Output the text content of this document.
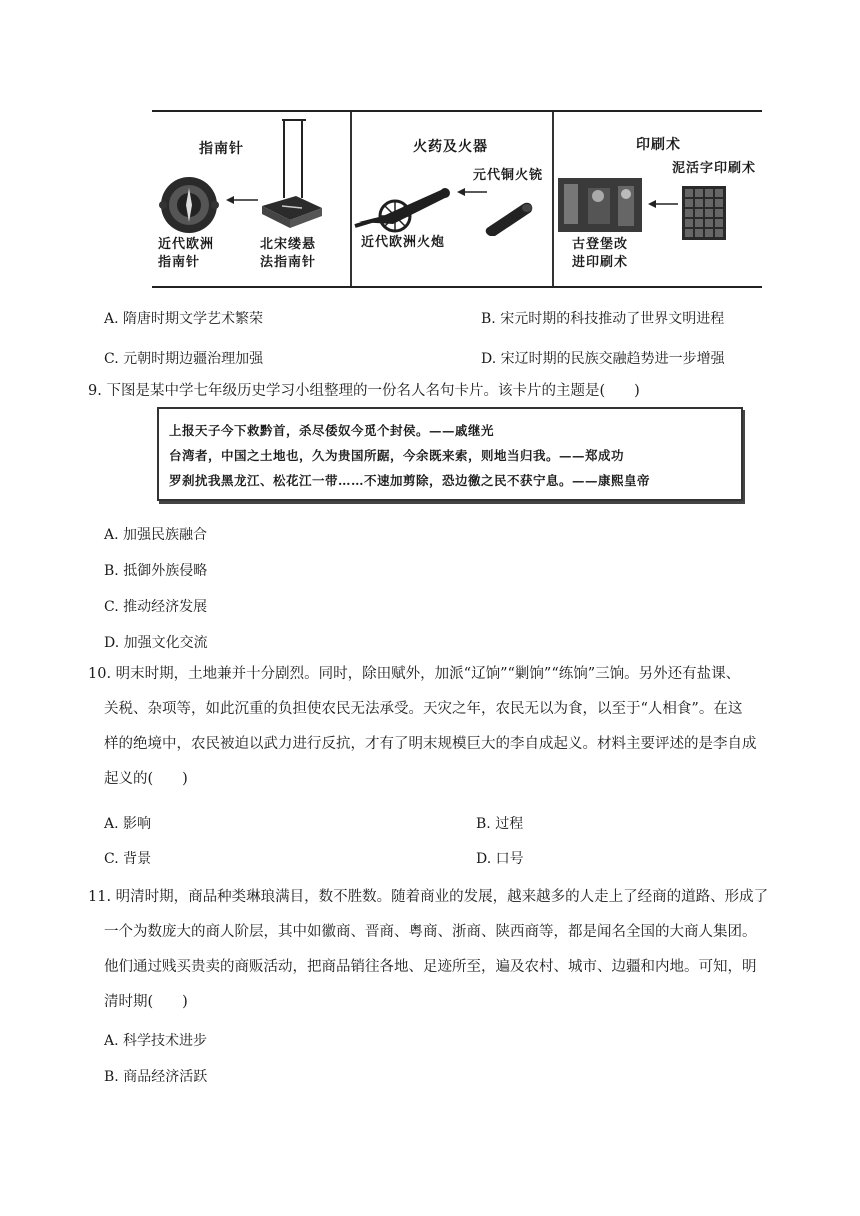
指南针
近代欧洲
指南针
北宋缕悬
法指南针
火药及火器
元代铜火铳
近代欧洲火炮
印刷术
泥活字印刷术
古登堡改
进印刷术
A. 隋唐时期文学艺术繁荣	B. 宋元时期的科技推动了世界文明进程
C. 元朝时期边疆治理加强	D. 宋辽时期的民族交融趋势进一步增强
9. 下图是某中学七年级历史学习小组整理的一份名人名句卡片。该卡片的主题是(　　)
上报天子今下救黔首，杀尽倭奴今觅个封侯。——戚继光
台湾者，中国之土地也，久为贵国所踞，今余既来索，则地当归我。——郑成功
罗刹扰我黑龙江、松花江一带……不速加剪除，恐边徼之民不获宁息。——康熙皇帝
A. 加强民族融合
B. 抵御外族侵略
C. 推动经济发展
D. 加强文化交流
10. 明末时期，土地兼并十分剧烈。同时，除田赋外，加派“辽饷”“剿饷”“练饷”三饷。另外还有盐课、
关税、杂项等，如此沉重的负担使农民无法承受。天灾之年，农民无以为食，以至于“人相食”。在这
样的绝境中，农民被迫以武力进行反抗，才有了明末规模巨大的李自成起义。材料主要评述的是李自成
起义的(　　)
A. 影响	B. 过程
C. 背景	D. 口号
11. 明清时期，商品种类琳琅满目，数不胜数。随着商业的发展，越来越多的人走上了经商的道路、形成了
一个为数庞大的商人阶层，其中如徽商、晋商、粤商、浙商、陕西商等，都是闻名全国的大商人集团。
他们通过贱买贵卖的商贩活动，把商品销往各地、足迹所至，遍及农村、城市、边疆和内地。可知，明
清时期(　　)
A. 科学技术进步
B. 商品经济活跃
